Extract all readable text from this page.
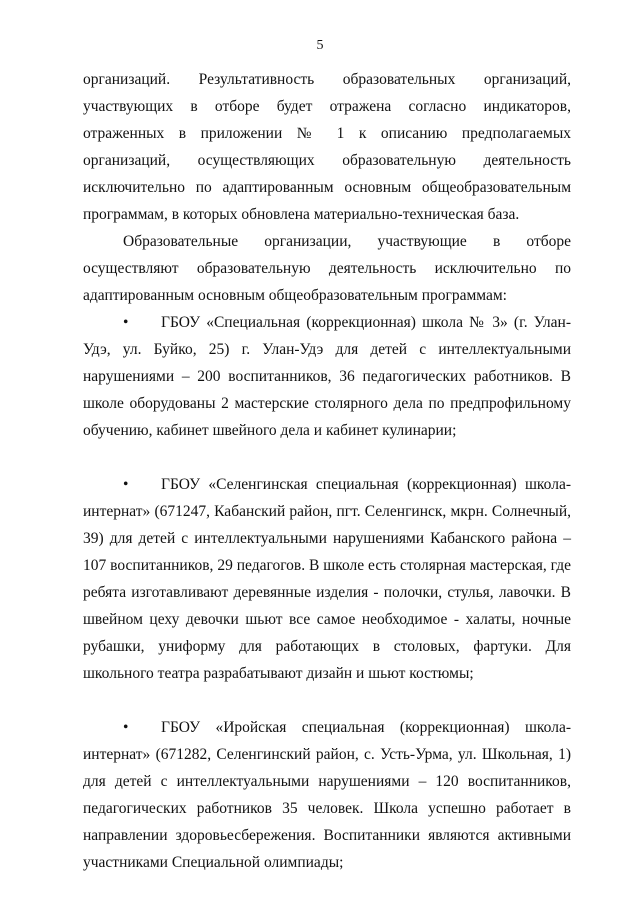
5

организаций. Результативность образовательных организаций, участвующих в отборе будет отражена согласно индикаторов, отраженных в приложении № 1 к описанию предполагаемых организаций, осуществляющих образовательную деятельность исключительно по адаптированным основным общеобразовательным программам, в которых обновлена материально-техническая база.

Образовательные организации, участвующие в отборе осуществляют образовательную деятельность исключительно по адаптированным основным общеобразовательным программам:

• ГБОУ «Специальная (коррекционная) школа № 3» (г. Улан-Удэ, ул. Буйко, 25) г. Улан-Удэ для детей с интеллектуальными нарушениями – 200 воспитанников, 36 педагогических работников. В школе оборудованы 2 мастерские столярного дела по предпрофильному обучению, кабинет швейного дела и кабинет кулинарии;

• ГБОУ «Селенгинская специальная (коррекционная) школа-интернат» (671247, Кабанский район, пгт. Селенгинск, мкрн. Солнечный, 39) для детей с интеллектуальными нарушениями Кабанского района – 107 воспитанников, 29 педагогов. В школе есть столярная мастерская, где ребята изготавливают деревянные изделия - полочки, стулья, лавочки. В швейном цеху девочки шьют все самое необходимое - халаты, ночные рубашки, униформу для работающих в столовых, фартуки. Для школьного театра разрабатывают дизайн и шьют костюмы;

• ГБОУ «Иройская специальная (коррекционная) школа-интернат» (671282, Селенгинский район, с. Усть-Урма, ул. Школьная, 1) для детей с интеллектуальными нарушениями – 120 воспитанников, педагогических работников 35 человек. Школа успешно работает в направлении здоровьесбережения. Воспитанники являются активными участниками Специальной олимпиады;
